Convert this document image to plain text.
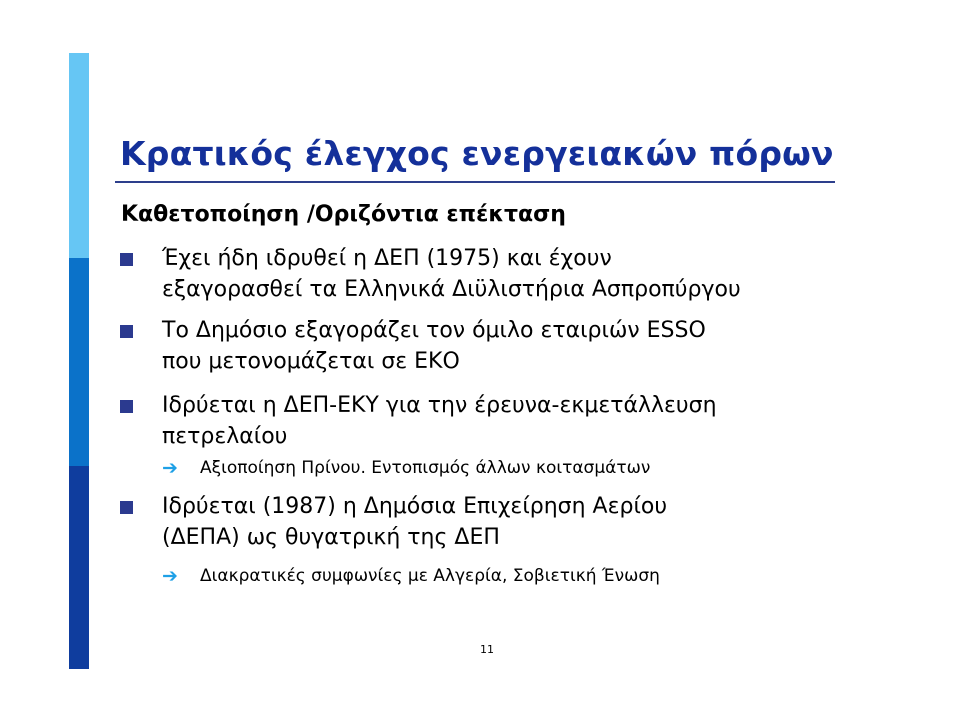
Κρατικός έλεγχος ενεργειακών πόρων
Καθετοποίηση /Οριζόντια επέκταση
Έχει ήδη ιδρυθεί η ΔΕΠ (1975) και έχουν
εξαγορασθεί τα Ελληνικά Διϋλιστήρια Ασπροπύργου
Το Δημόσιο εξαγοράζει τον όμιλο εταιριών ESSO
που μετονομάζεται σε ΕΚΟ
Ιδρύεται η ΔΕΠ-ΕΚΥ για την έρευνα-εκμετάλλευση
πετρελαίου
➔ Αξιοποίηση Πρίνου. Εντοπισμός άλλων κοιτασμάτων
Ιδρύεται (1987) η Δημόσια Επιχείρηση Αερίου
(ΔΕΠΑ) ως θυγατρική της ΔΕΠ
➔ Διακρατικές συμφωνίες με Αλγερία, Σοβιετική Ένωση
11
